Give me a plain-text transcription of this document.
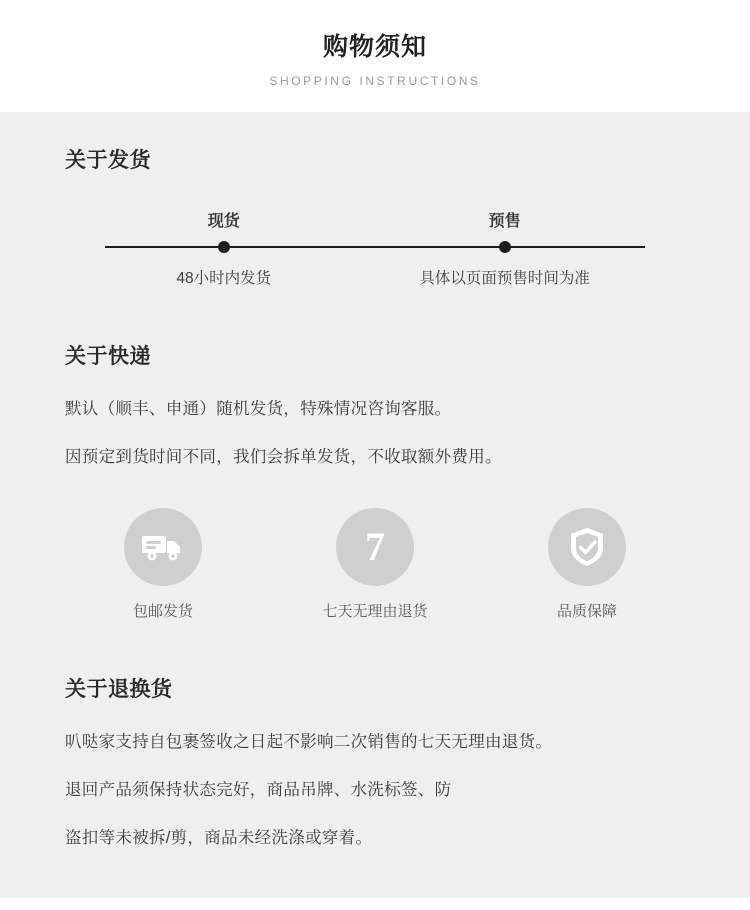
购物须知
SHOPPING INSTRUCTIONS
关于发货
现货	预售
48小时内发货	具体以页面预售时间为准
关于快递
默认（顺丰、申通）随机发货，特殊情况咨询客服。
因预定到货时间不同，我们会拆单发货，不收取额外费用。
包邮发货
7
七天无理由退货	品质保障
关于退换货
叭哒家支持自包裹签收之日起不影响二次销售的七天无理由退货。
退回产品须保持状态完好，商品吊牌、水洗标签、防
盗扣等未被拆/剪，商品未经洗涤或穿着。
